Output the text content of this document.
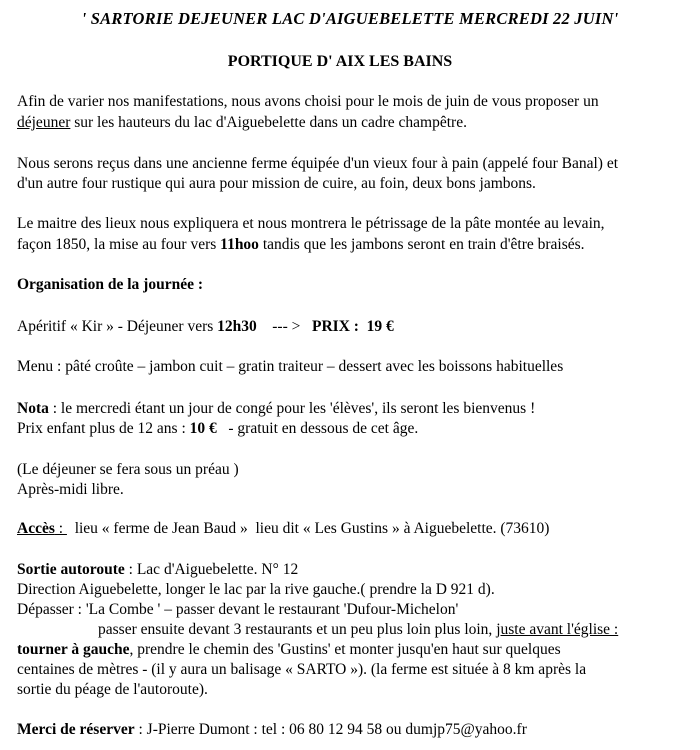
' SARTORIE DEJEUNER LAC D'AIGUEBELETTE MERCREDI 22 JUIN'
PORTIQUE D' AIX LES BAINS
Afin de varier nos manifestations, nous avons choisi pour le mois de juin de vous proposer un
déjeuner sur les hauteurs du lac d'Aiguebelette dans un cadre champêtre.
Nous serons reçus dans une ancienne ferme équipée d'un vieux four à pain (appelé four Banal) et
d'un autre four rustique qui aura pour mission de cuire, au foin, deux bons jambons.
Le maitre des lieux nous expliquera et nous montrera le pétrissage de la pâte montée au levain,
façon 1850, la mise au four vers 11hoo tandis que les jambons seront en train d'être braisés.
Organisation de la journée :
Apéritif « Kir » - Déjeuner vers 12h30    --- >   PRIX :  19 €
Menu : pâté croûte – jambon cuit – gratin traiteur – dessert avec les boissons habituelles
Nota : le mercredi étant un jour de congé pour les 'élèves', ils seront les bienvenus !
Prix enfant plus de 12 ans : 10 €   - gratuit en dessous de cet âge.
(Le déjeuner se fera sous un préau )
Après-midi libre.
Accès :   lieu « ferme de Jean Baud »  lieu dit « Les Gustins » à Aiguebelette. (73610)
Sortie autoroute : Lac d'Aiguebelette. N° 12
Direction Aiguebelette, longer le lac par la rive gauche.( prendre la D 921 d).
Dépasser : 'La Combe ' – passer devant le restaurant 'Dufour-Michelon'
passer ensuite devant 3 restaurants et un peu plus loin plus loin, juste avant l'église :
tourner à gauche, prendre le chemin des 'Gustins' et monter jusqu'en haut sur quelques
centaines de mètres - (il y aura un balisage « SARTO »). (la ferme est située à 8 km après la
sortie du péage de l'autoroute).
Merci de réserver : J-Pierre Dumont : tel : 06 80 12 94 58 ou dumjp75@yahoo.fr
